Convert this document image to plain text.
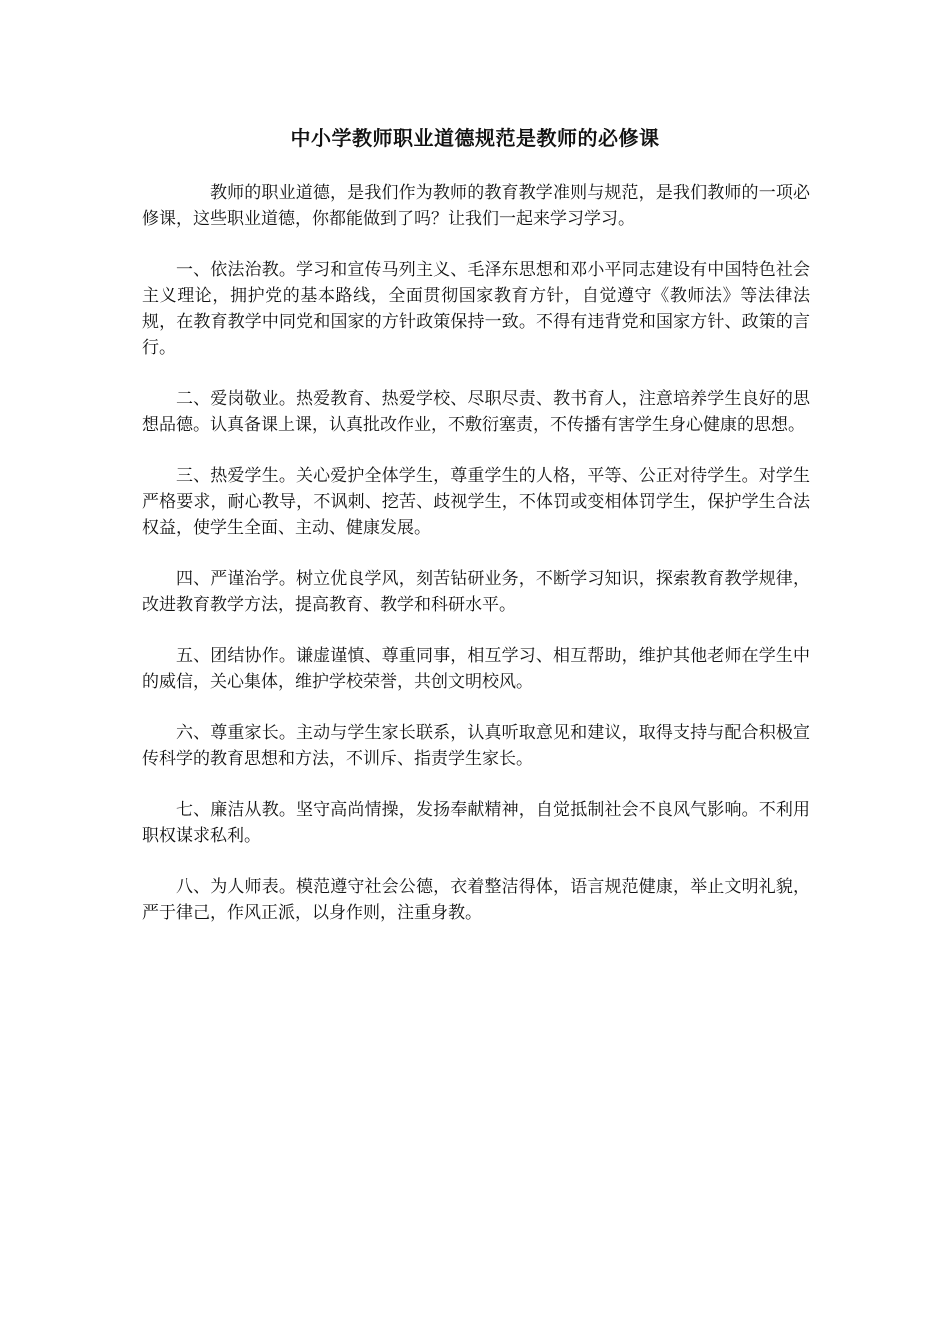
中小学教师职业道德规范是教师的必修课

教师的职业道德，是我们作为教师的教育教学准则与规范，是我们教师的一项必修课，这些职业道德，你都能做到了吗？让我们一起来学习学习。

一、依法治教。学习和宣传马列主义、毛泽东思想和邓小平同志建设有中国特色社会主义理论，拥护党的基本路线，全面贯彻国家教育方针，自觉遵守《教师法》等法律法规，在教育教学中同党和国家的方针政策保持一致。不得有违背党和国家方针、政策的言行。

二、爱岗敬业。热爱教育、热爱学校、尽职尽责、教书育人，注意培养学生良好的思想品德。认真备课上课，认真批改作业，不敷衍塞责，不传播有害学生身心健康的思想。

三、热爱学生。关心爱护全体学生，尊重学生的人格，平等、公正对待学生。对学生严格要求，耐心教导，不讽刺、挖苦、歧视学生，不体罚或变相体罚学生，保护学生合法权益，使学生全面、主动、健康发展。

四、严谨治学。树立优良学风，刻苦钻研业务，不断学习知识，探索教育教学规律，改进教育教学方法，提高教育、教学和科研水平。

五、团结协作。谦虚谨慎、尊重同事，相互学习、相互帮助，维护其他老师在学生中的威信，关心集体，维护学校荣誉，共创文明校风。

六、尊重家长。主动与学生家长联系，认真听取意见和建议，取得支持与配合积极宣传科学的教育思想和方法，不训斥、指责学生家长。

七、廉洁从教。坚守高尚情操，发扬奉献精神，自觉抵制社会不良风气影响。不利用职权谋求私利。

八、为人师表。模范遵守社会公德，衣着整洁得体，语言规范健康，举止文明礼貌，严于律己，作风正派，以身作则，注重身教。
